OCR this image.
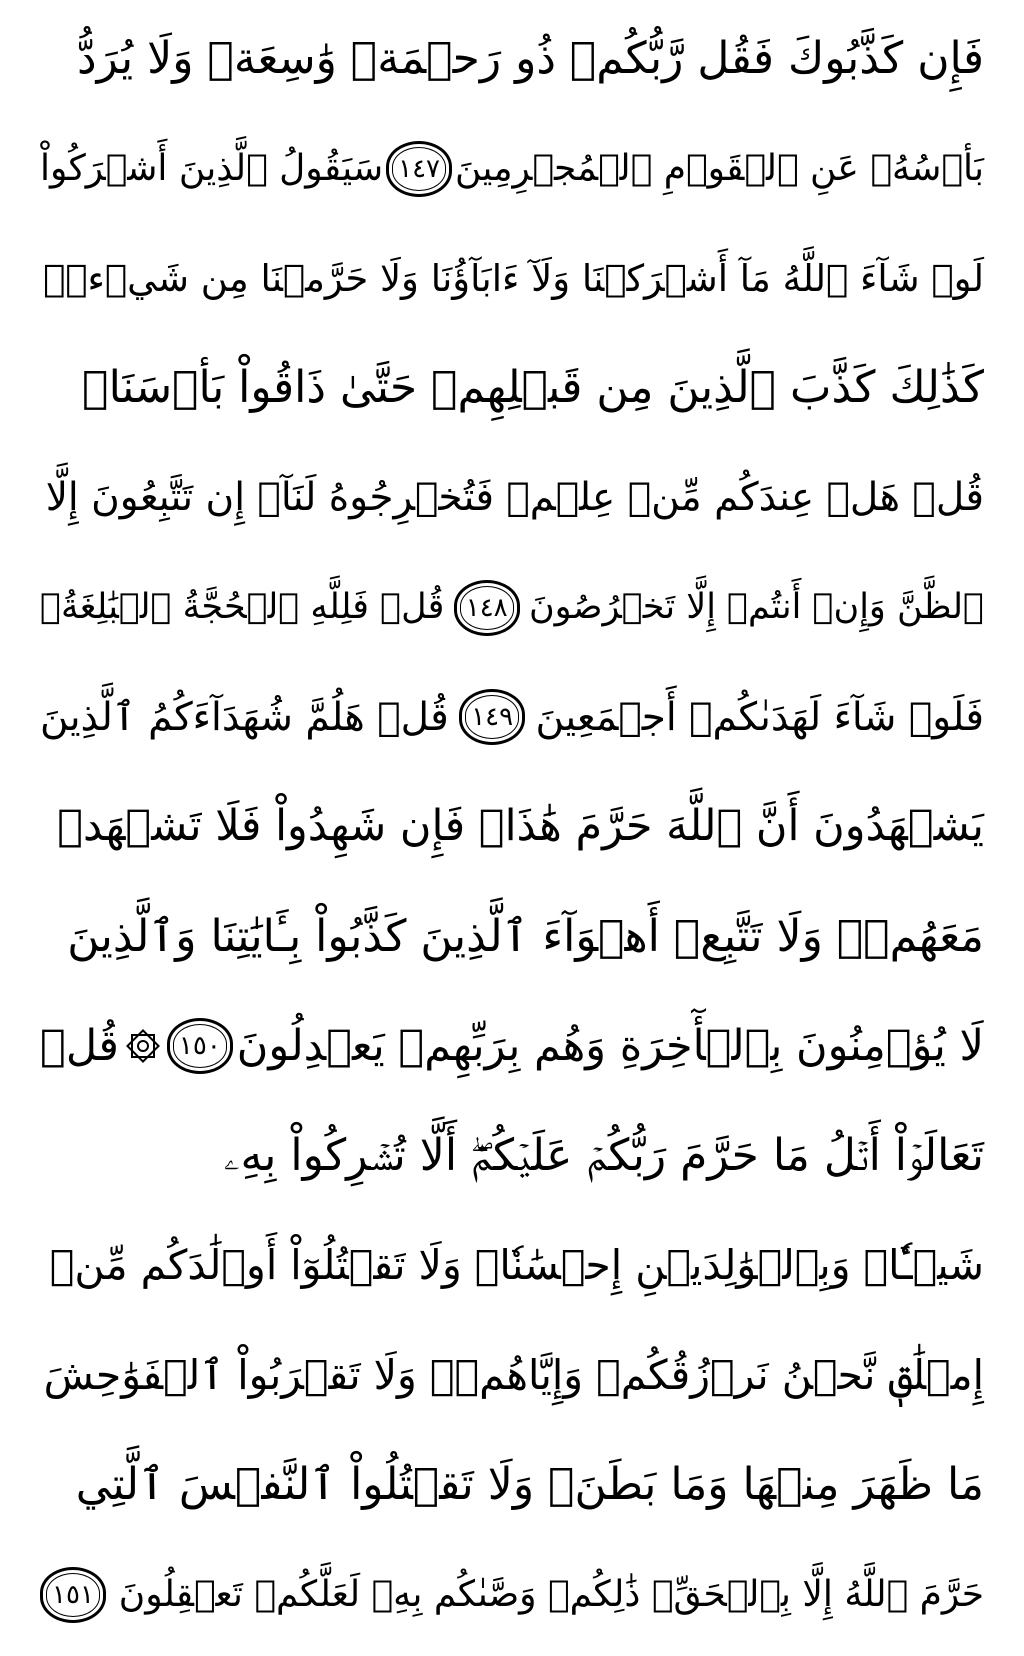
فَإِن كَذَّبُوكَ فَقُل رَّبُّكُمۡ ذُو رَحۡمَةٖ وَٰسِعَةٖ وَلَا يُرَدُّ
بَأۡسُهُۥ عَنِ ٱلۡقَوۡمِ ٱلۡمُجۡرِمِينَ
١٤٧
سَيَقُولُ ٱلَّذِينَ أَشۡرَكُواْ
لَوۡ شَآءَ ٱللَّهُ مَآ أَشۡرَكۡنَا وَلَآ ءَابَآؤُنَا وَلَا حَرَّمۡنَا مِن شَيۡءٖۚ
كَذَٰلِكَ كَذَّبَ ٱلَّذِينَ مِن قَبۡلِهِمۡ حَتَّىٰ ذَاقُواْ بَأۡسَنَاۗ
قُلۡ هَلۡ عِندَكُم مِّنۡ عِلۡمٖ فَتُخۡرِجُوهُ لَنَآۖ إِن تَتَّبِعُونَ إِلَّا
ٱلظَّنَّ وَإِنۡ أَنتُمۡ إِلَّا تَخۡرُصُونَ
١٤٨
قُلۡ فَلِلَّهِ ٱلۡحُجَّةُ ٱلۡبَٰلِغَةُۖ
فَلَوۡ شَآءَ لَهَدَىٰكُمۡ أَجۡمَعِينَ
١٤٩
قُلۡ هَلُمَّ شُهَدَآءَكُمُ ٱلَّذِينَ
يَشۡهَدُونَ أَنَّ ٱللَّهَ حَرَّمَ هَٰذَاۖ فَإِن شَهِدُواْ فَلَا تَشۡهَدۡ
مَعَهُمۡۚ وَلَا تَتَّبِعۡ أَهۡوَآءَ ٱلَّذِينَ كَذَّبُواْ بِـَٔايَٰتِنَا وَٱلَّذِينَ
لَا يُؤۡمِنُونَ بِٱلۡأٓخِرَةِ وَهُم بِرَبِّهِمۡ يَعۡدِلُونَ
١٥٠
قُلۡ
تَعَالَوۡاْ أَتۡلُ مَا حَرَّمَ رَبُّكُمۡ عَلَيۡكُمۡۖ أَلَّا تُشۡرِكُواْ بِهِۦ
شَيۡـٔٗاۖ وَبِٱلۡوَٰلِدَيۡنِ إِحۡسَٰنٗاۖ وَلَا تَقۡتُلُوٓاْ أَوۡلَٰدَكُم مِّنۡ
إِمۡلَٰقٖ نَّحۡنُ نَرۡزُقُكُمۡ وَإِيَّاهُمۡۖ وَلَا تَقۡرَبُواْ ٱلۡفَوَٰحِشَ
مَا ظَهَرَ مِنۡهَا وَمَا بَطَنَۖ وَلَا تَقۡتُلُواْ ٱلنَّفۡسَ ٱلَّتِي
حَرَّمَ ٱللَّهُ إِلَّا بِٱلۡحَقِّۚ ذَٰلِكُمۡ وَصَّىٰكُم بِهِۦ لَعَلَّكُمۡ تَعۡقِلُونَ
١٥١
